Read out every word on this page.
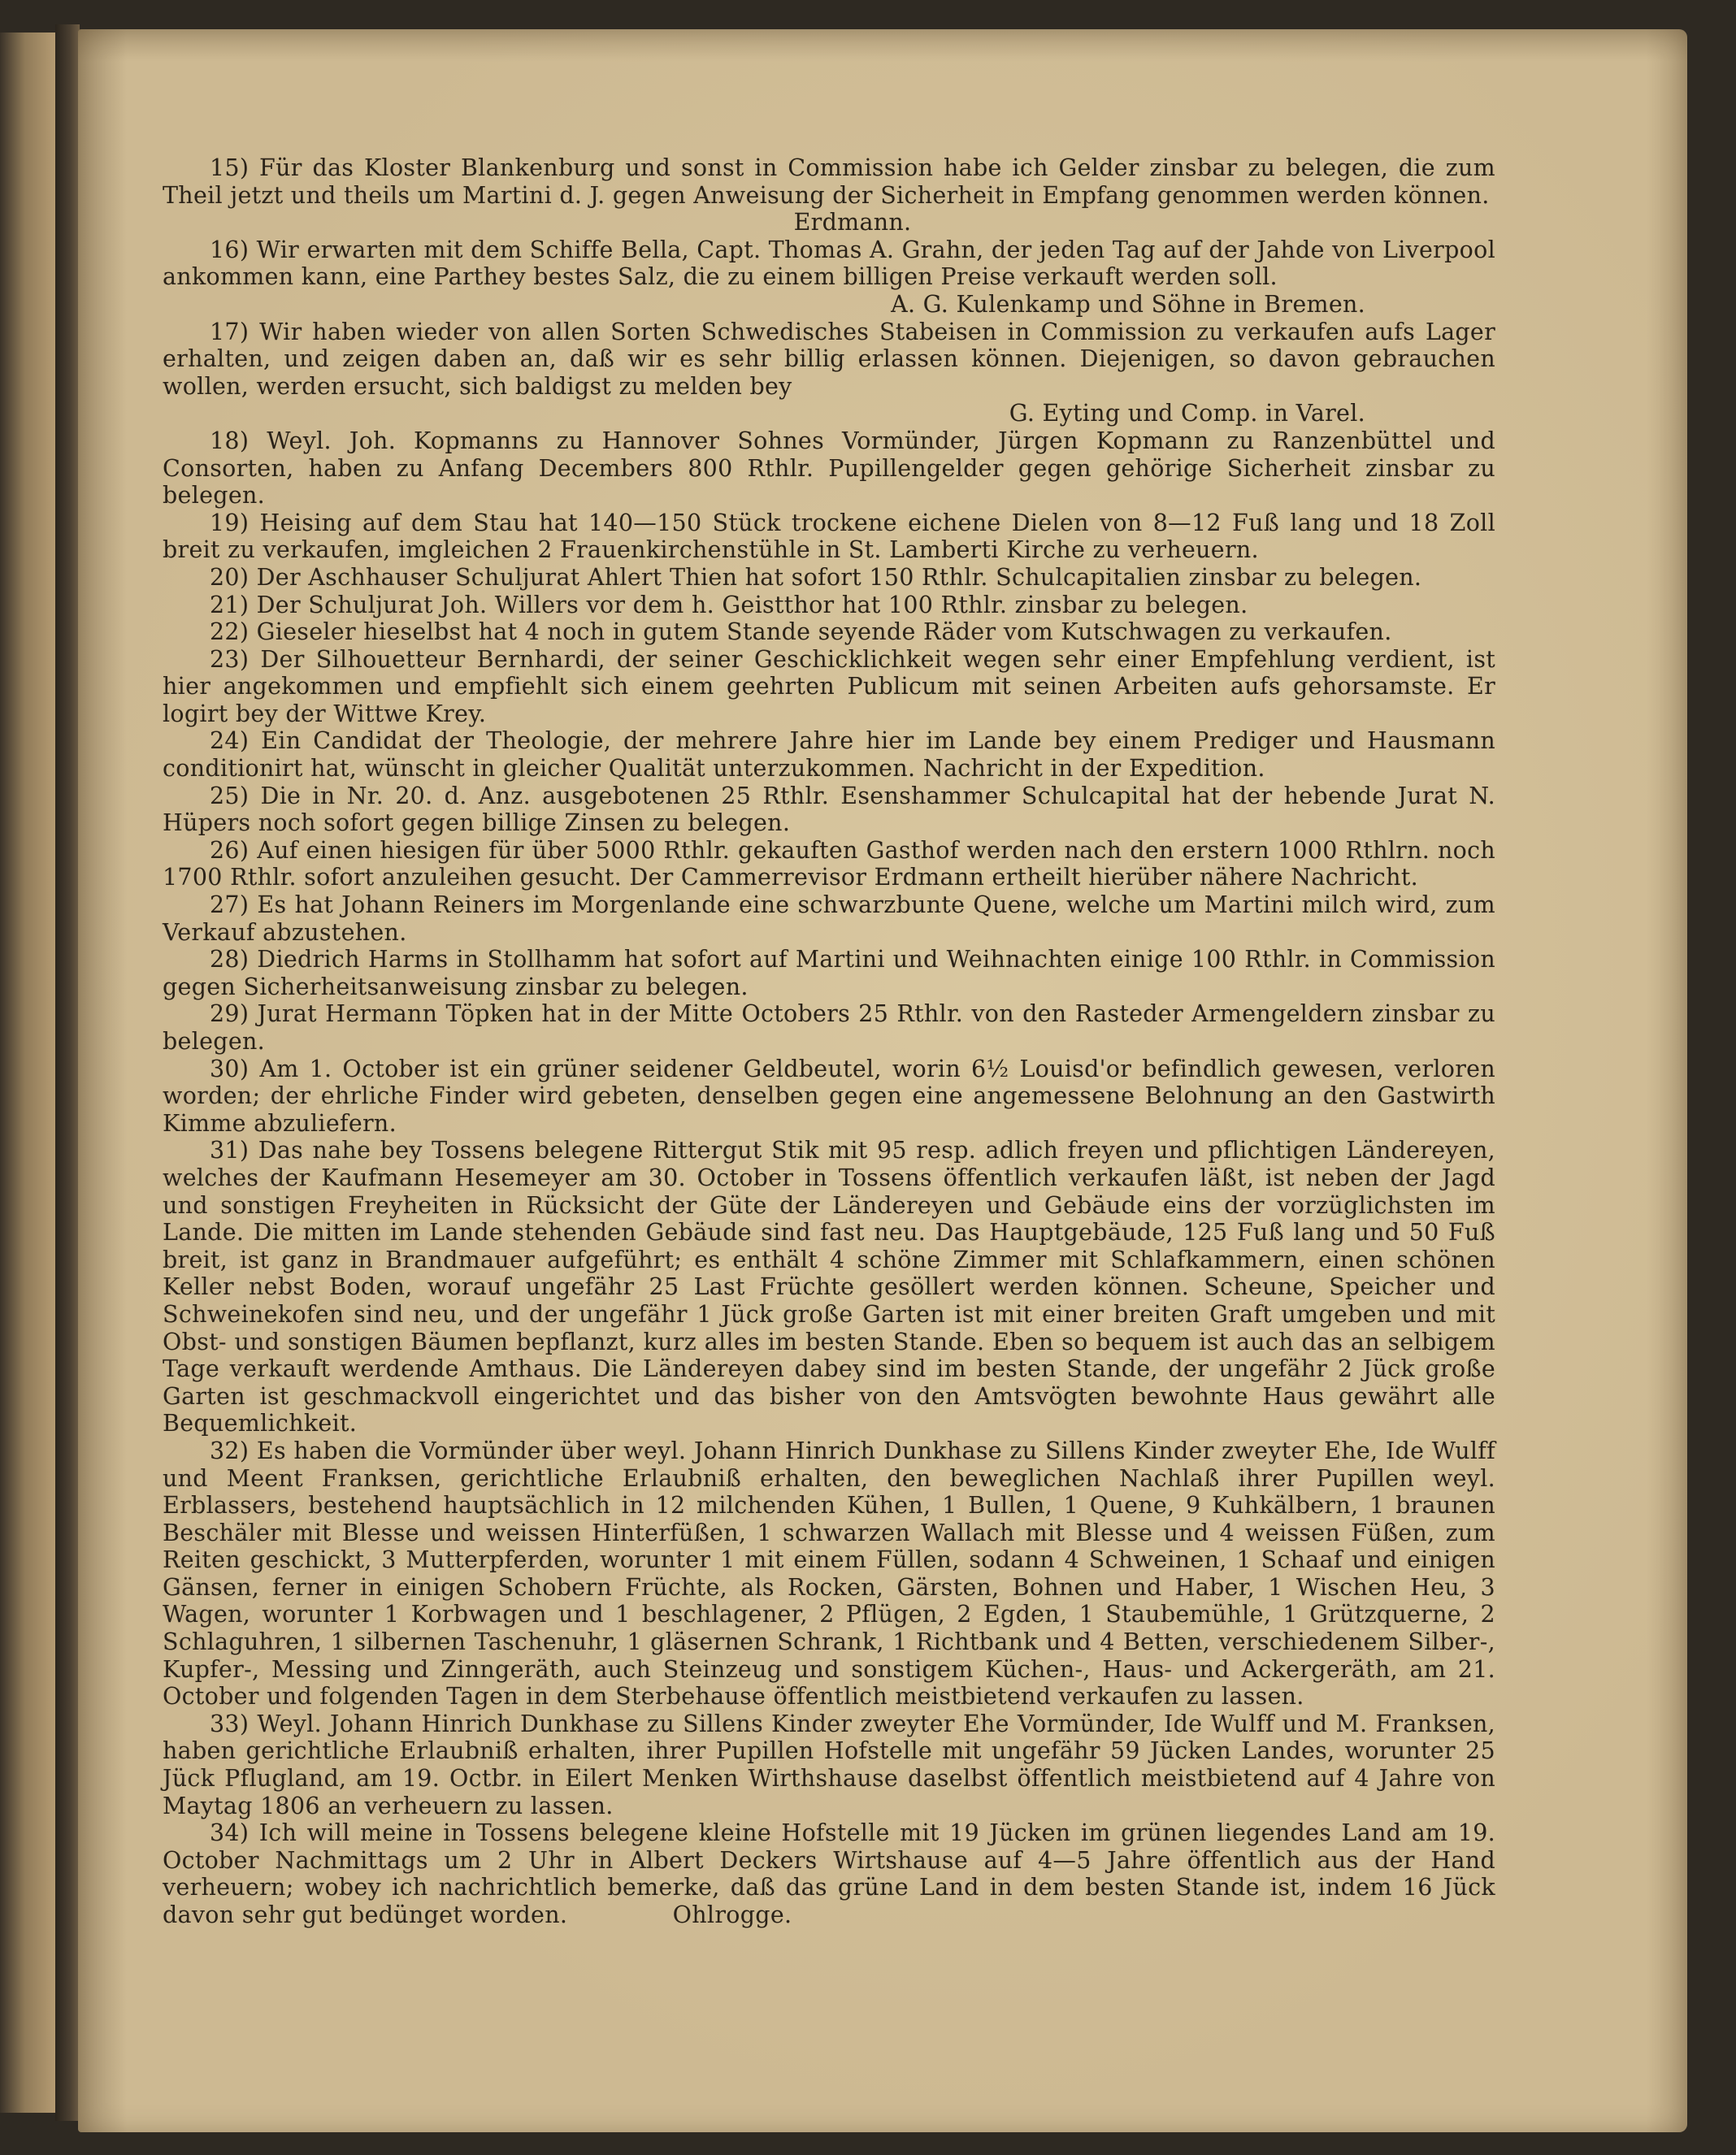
15) Für das Kloster Blankenburg und sonst in Commission habe ich Gelder zinsbar zu belegen, die zum Theil jetzt und theils um Martini d. J. gegen Anweisung der Sicherheit in Empfang genommen werden können.
Erdmann.

16) Wir erwarten mit dem Schiffe Bella, Capt. Thomas A. Grahn, der jeden Tag auf der Jahde von Liverpool ankommen kann, eine Parthey bestes Salz, die zu einem billigen Preise verkauft werden soll.
A. G. Kulenkamp und Söhne in Bremen.

17) Wir haben wieder von allen Sorten Schwedisches Stabeisen in Commission zu verkaufen aufs Lager erhalten, und zeigen daben an, daß wir es sehr billig erlassen können. Diejenigen, so davon gebrauchen wollen, werden ersucht, sich baldigst zu melden bey
G. Eyting und Comp. in Varel.

18) Weyl. Joh. Kopmanns zu Hannover Sohnes Vormünder, Jürgen Kopmann zu Ranzenbüttel und Consorten, haben zu Anfang Decembers 800 Rthlr. Pupillengelder gegen gehörige Sicherheit zinsbar zu belegen.

19) Heising auf dem Stau hat 140—150 Stück trockene eichene Dielen von 8—12 Fuß lang und 18 Zoll breit zu verkaufen, imgleichen 2 Frauenkirchenstühle in St. Lamberti Kirche zu verheuern.

20) Der Aschhauser Schuljurat Ahlert Thien hat sofort 150 Rthlr. Schulcapitalien zinsbar zu belegen.

21) Der Schuljurat Joh. Willers vor dem h. Geistthor hat 100 Rthlr. zinsbar zu belegen.

22) Gieseler hieselbst hat 4 noch in gutem Stande seyende Räder vom Kutschwagen zu verkaufen.

23) Der Silhouetteur Bernhardi, der seiner Geschicklichkeit wegen sehr einer Empfehlung verdient, ist hier angekommen und empfiehlt sich einem geehrten Publicum mit seinen Arbeiten aufs gehorsamste. Er logirt bey der Wittwe Krey.

24) Ein Candidat der Theologie, der mehrere Jahre hier im Lande bey einem Prediger und Hausmann conditionirt hat, wünscht in gleicher Qualität unterzukommen. Nachricht in der Expedition.

25) Die in Nr. 20. d. Anz. ausgebotenen 25 Rthlr. Esenshammer Schulcapital hat der hebende Jurat N. Hüpers noch sofort gegen billige Zinsen zu belegen.

26) Auf einen hiesigen für über 5000 Rthlr. gekauften Gasthof werden nach den erstern 1000 Rthlrn. noch 1700 Rthlr. sofort anzuleihen gesucht. Der Cammerrevisor Erdmann ertheilt hierüber nähere Nachricht.

27) Es hat Johann Reiners im Morgenlande eine schwarzbunte Quene, welche um Martini milch wird, zum Verkauf abzustehen.

28) Diedrich Harms in Stollhamm hat sofort auf Martini und Weihnachten einige 100 Rthlr. in Commission gegen Sicherheitsanweisung zinsbar zu belegen.

29) Jurat Hermann Töpken hat in der Mitte Octobers 25 Rthlr. von den Rasteder Armengeldern zinsbar zu belegen.

30) Am 1. October ist ein grüner seidener Geldbeutel, worin 6½ Louisd'or befindlich gewesen, verloren worden; der ehrliche Finder wird gebeten, denselben gegen eine angemessene Belohnung an den Gastwirth Kimme abzuliefern.

31) Das nahe bey Tossens belegene Rittergut Stik mit 95 resp. adlich freyen und pflichtigen Ländereyen, welches der Kaufmann Hesemeyer am 30. October in Tossens öffentlich verkaufen läßt, ist neben der Jagd und sonstigen Freyheiten in Rücksicht der Güte der Ländereyen und Gebäude eins der vorzüglichsten im Lande. Die mitten im Lande stehenden Gebäude sind fast neu. Das Hauptgebäude, 125 Fuß lang und 50 Fuß breit, ist ganz in Brandmauer aufgeführt; es enthält 4 schöne Zimmer mit Schlafkammern, einen schönen Keller nebst Boden, worauf ungefähr 25 Last Früchte gesöllert werden können. Scheune, Speicher und Schweinekofen sind neu, und der ungefähr 1 Jück große Garten ist mit einer breiten Graft umgeben und mit Obst- und sonstigen Bäumen bepflanzt, kurz alles im besten Stande. Eben so bequem ist auch das an selbigem Tage verkauft werdende Amthaus. Die Ländereyen dabey sind im besten Stande, der ungefähr 2 Jück große Garten ist geschmackvoll eingerichtet und das bisher von den Amtsvögten bewohnte Haus gewährt alle Bequemlichkeit.

32) Es haben die Vormünder über weyl. Johann Hinrich Dunkhase zu Sillens Kinder zweyter Ehe, Ide Wulff und Meent Franksen, gerichtliche Erlaubniß erhalten, den beweglichen Nachlaß ihrer Pupillen weyl. Erblassers, bestehend hauptsächlich in 12 milchenden Kühen, 1 Bullen, 1 Quene, 9 Kuhkälbern, 1 braunen Beschäler mit Blesse und weissen Hinterfüßen, 1 schwarzen Wallach mit Blesse und 4 weissen Füßen, zum Reiten geschickt, 3 Mutterpferden, worunter 1 mit einem Füllen, sodann 4 Schweinen, 1 Schaaf und einigen Gänsen, ferner in einigen Schobern Früchte, als Rocken, Gärsten, Bohnen und Haber, 1 Wischen Heu, 3 Wagen, worunter 1 Korbwagen und 1 beschlagener, 2 Pflügen, 2 Egden, 1 Staubemühle, 1 Grützquerne, 2 Schlaguhren, 1 silbernen Taschenuhr, 1 gläsernen Schrank, 1 Richtbank und 4 Betten, verschiedenem Silber-, Kupfer-, Messing und Zinngeräth, auch Steinzeug und sonstigem Küchen-, Haus- und Ackergeräth, am 21. October und folgenden Tagen in dem Sterbehause öffentlich meistbietend verkaufen zu lassen.

33) Weyl. Johann Hinrich Dunkhase zu Sillens Kinder zweyter Ehe Vormünder, Ide Wulff und M. Franksen, haben gerichtliche Erlaubniß erhalten, ihrer Pupillen Hofstelle mit ungefähr 59 Jücken Landes, worunter 25 Jück Pflugland, am 19. Octbr. in Eilert Menken Wirthshause daselbst öffentlich meistbietend auf 4 Jahre von Maytag 1806 an verheuern zu lassen.

34) Ich will meine in Tossens belegene kleine Hofstelle mit 19 Jücken im grünen liegendes Land am 19. October Nachmittags um 2 Uhr in Albert Deckers Wirtshause auf 4—5 Jahre öffentlich aus der Hand verheuern; wobey ich nachrichtlich bemerke, daß das grüne Land in dem besten Stande ist, indem 16 Jück davon sehr gut bedünget worden.	Ohlrogge.
